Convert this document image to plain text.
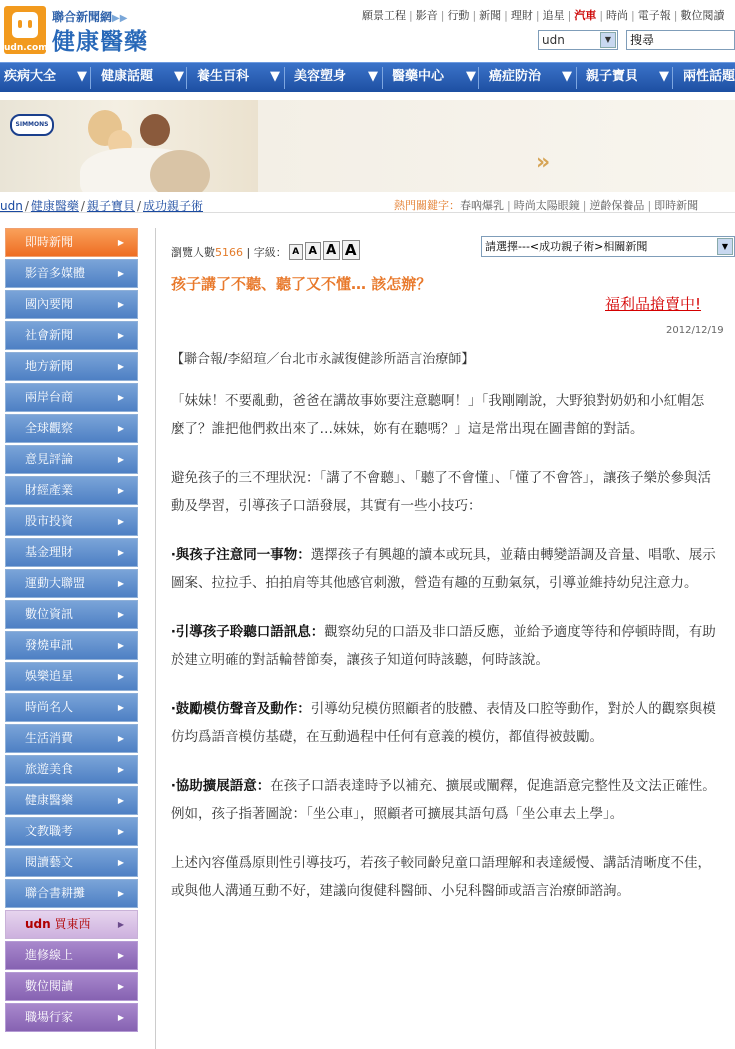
udn.com
聯合新聞網▶▶
健康醫藥
願景工程 | 影音 | 行動 | 新聞 | 理財 | 追星 | 汽車 | 時尚 | 電子報 | 數位閱讀
udn	▼	搜尋
疾病大全 ▼ 健康話題 ▼ 養生百科 ▼ 美容塑身 ▼ 醫藥中心 ▼ 癌症防治 ▼ 親子寶貝 ▼ 兩性話題
SIMMONS
»
udn / 健康醫藥 / 親子寶貝 / 成功親子術	熱門關鍵字：春吶爆乳 | 時尚太陽眼鏡 | 逆齡保養品 | 即時新聞
即時新聞	▶
影音多媒體	▶
國內要聞	▶
社會新聞	▶
地方新聞	▶
兩岸台商	▶
全球觀察	▶
意見評論	▶
財經產業	▶
股市投資	▶
基金理財	▶
運動大聯盟	▶
數位資訊	▶
發燒車訊	▶
娛樂追星	▶
時尚名人	▶
生活消費	▶
旅遊美食	▶
健康醫藥	▶
文教職考	▶
閱讀藝文	▶
聯合書耕攤	▶
udn 買東西	▶
進修線上	▶
數位閱讀	▶
職場行家	▶
瀏覽人數5166 | 字級： A A A A	請選擇---<成功親子術>相關新聞	▼
孩子講了不聽、聽了又不懂… 該怎辦？
福利品搶賣中!
2012/12/19
【聯合報/李紹瑄／台北市永誠復健診所語言治療師】

「妹妹！不要亂動，爸爸在講故事妳要注意聽啊！」「我剛剛說，大野狼對奶奶和小紅帽怎麼了？誰把他們救出來了…妹妹，妳有在聽嗎？」這是常出現在圖書館的對話。

避免孩子的三不理狀況：「講了不會聽」、「聽了不會懂」、「懂了不會答」，讓孩子樂於參與活動及學習，引導孩子口語發展，其實有一些小技巧：

‧與孩子注意同一事物：選擇孩子有興趣的讀本或玩具，並藉由轉變語調及音量、唱歌、展示圖案、拉拉手、拍拍肩等其他感官刺激，營造有趣的互動氣氛，引導並維持幼兒注意力。

‧引導孩子聆聽口語訊息：觀察幼兒的口語及非口語反應，並給予適度等待和停頓時間，有助於建立明確的對話輪替節奏，讓孩子知道何時該聽，何時該說。

‧鼓勵模仿聲音及動作：引導幼兒模仿照顧者的肢體、表情及口腔等動作，對於人的觀察與模仿均爲語音模仿基礎，在互動過程中任何有意義的模仿，都值得被鼓勵。

‧協助擴展語意：在孩子口語表達時予以補充、擴展或闡釋，促進語意完整性及文法正確性。例如，孩子指著圖說：「坐公車」，照顧者可擴展其語句爲「坐公車去上學」。

上述內容僅爲原則性引導技巧，若孩子較同齡兒童口語理解和表達緩慢、講話清晰度不佳，或與他人溝通互動不好，建議向復健科醫師、小兒科醫師或語言治療師諮詢。
